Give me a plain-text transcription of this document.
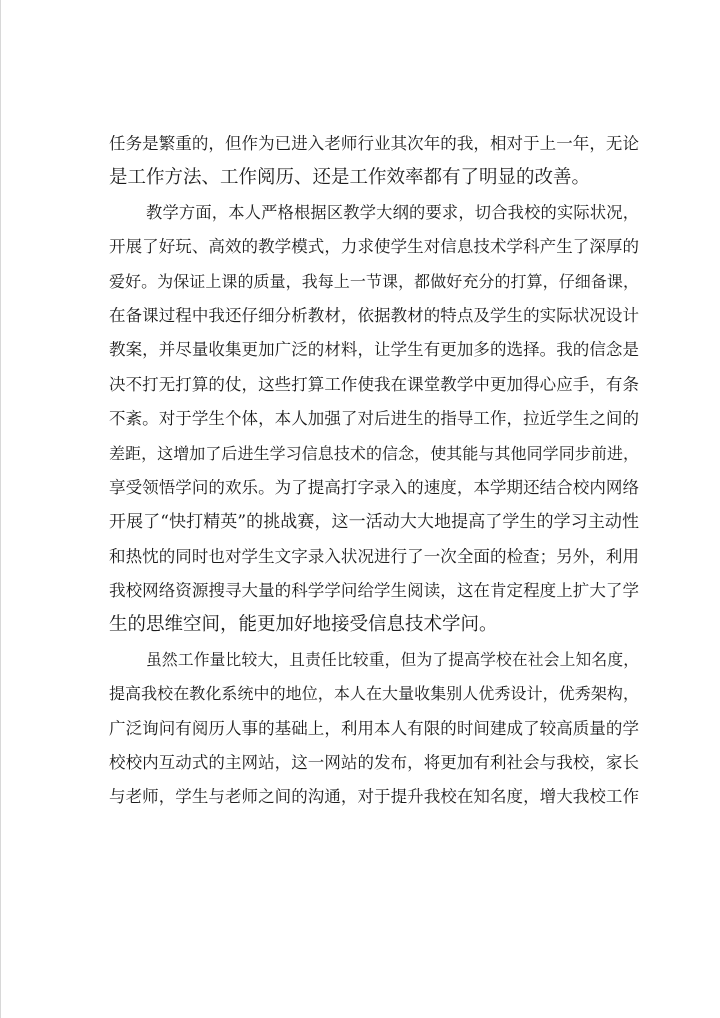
任务是繁重的，但作为已进入老师行业其次年的我，相对于上一年，无论
是工作方法、工作阅历、还是工作效率都有了明显的改善。
教学方面，本人严格根据区教学大纲的要求，切合我校的实际状况，
开展了好玩、高效的教学模式，力求使学生对信息技术学科产生了深厚的
爱好。为保证上课的质量，我每上一节课，都做好充分的打算，仔细备课，
在备课过程中我还仔细分析教材，依据教材的特点及学生的实际状况设计
教案，并尽量收集更加广泛的材料，让学生有更加多的选择。我的信念是
决不打无打算的仗，这些打算工作使我在课堂教学中更加得心应手，有条
不紊。对于学生个体，本人加强了对后进生的指导工作，拉近学生之间的
差距，这增加了后进生学习信息技术的信念，使其能与其他同学同步前进，
享受领悟学问的欢乐。为了提高打字录入的速度，本学期还结合校内网络
开展了“快打精英”的挑战赛，这一活动大大地提高了学生的学习主动性
和热忱的同时也对学生文字录入状况进行了一次全面的检查；另外，利用
我校网络资源搜寻大量的科学学问给学生阅读，这在肯定程度上扩大了学
生的思维空间，能更加好地接受信息技术学问。
虽然工作量比较大，且责任比较重，但为了提高学校在社会上知名度，
提高我校在教化系统中的地位，本人在大量收集别人优秀设计，优秀架构，
广泛询问有阅历人事的基础上，利用本人有限的时间建成了较高质量的学
校校内互动式的主网站，这一网站的发布，将更加有利社会与我校，家长
与老师，学生与老师之间的沟通，对于提升我校在知名度，增大我校工作
